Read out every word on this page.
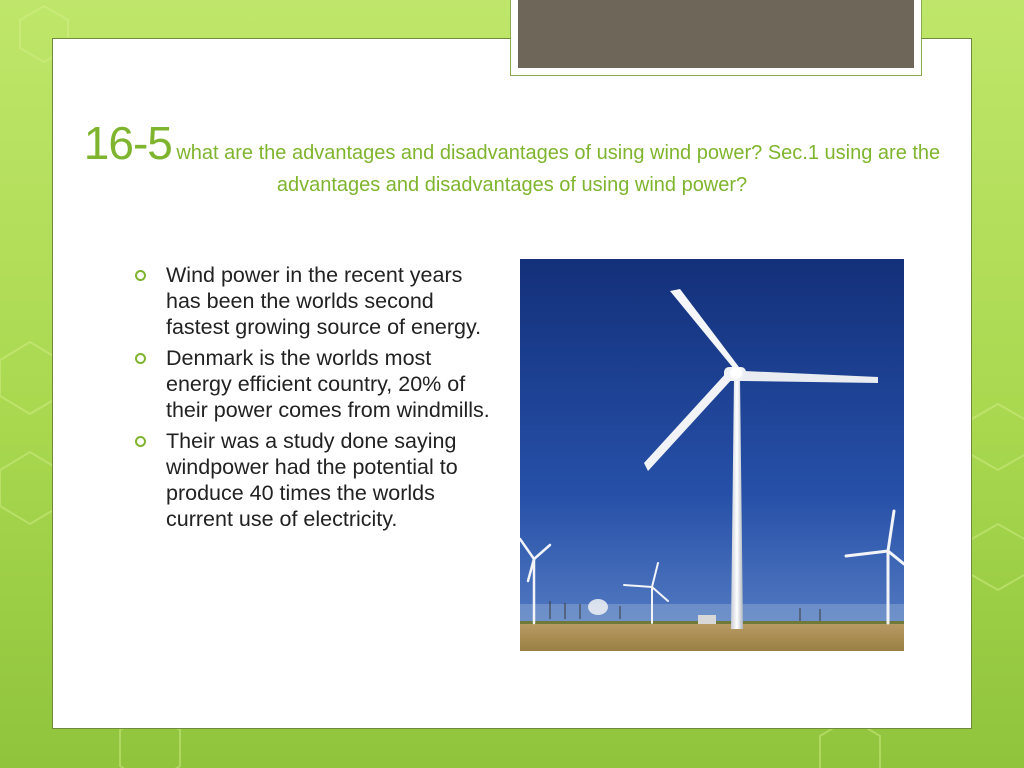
16-5 what are the advantages and disadvantages of using wind power? Sec.1 using are the advantages and disadvantages of using wind power?
Wind power in the recent years has been the worlds second fastest growing source of energy.
Denmark is the worlds most energy efficient country, 20% of their power comes from windmills.
Their was a study done saying windpower had the potential to produce 40 times the worlds current use of electricity.
